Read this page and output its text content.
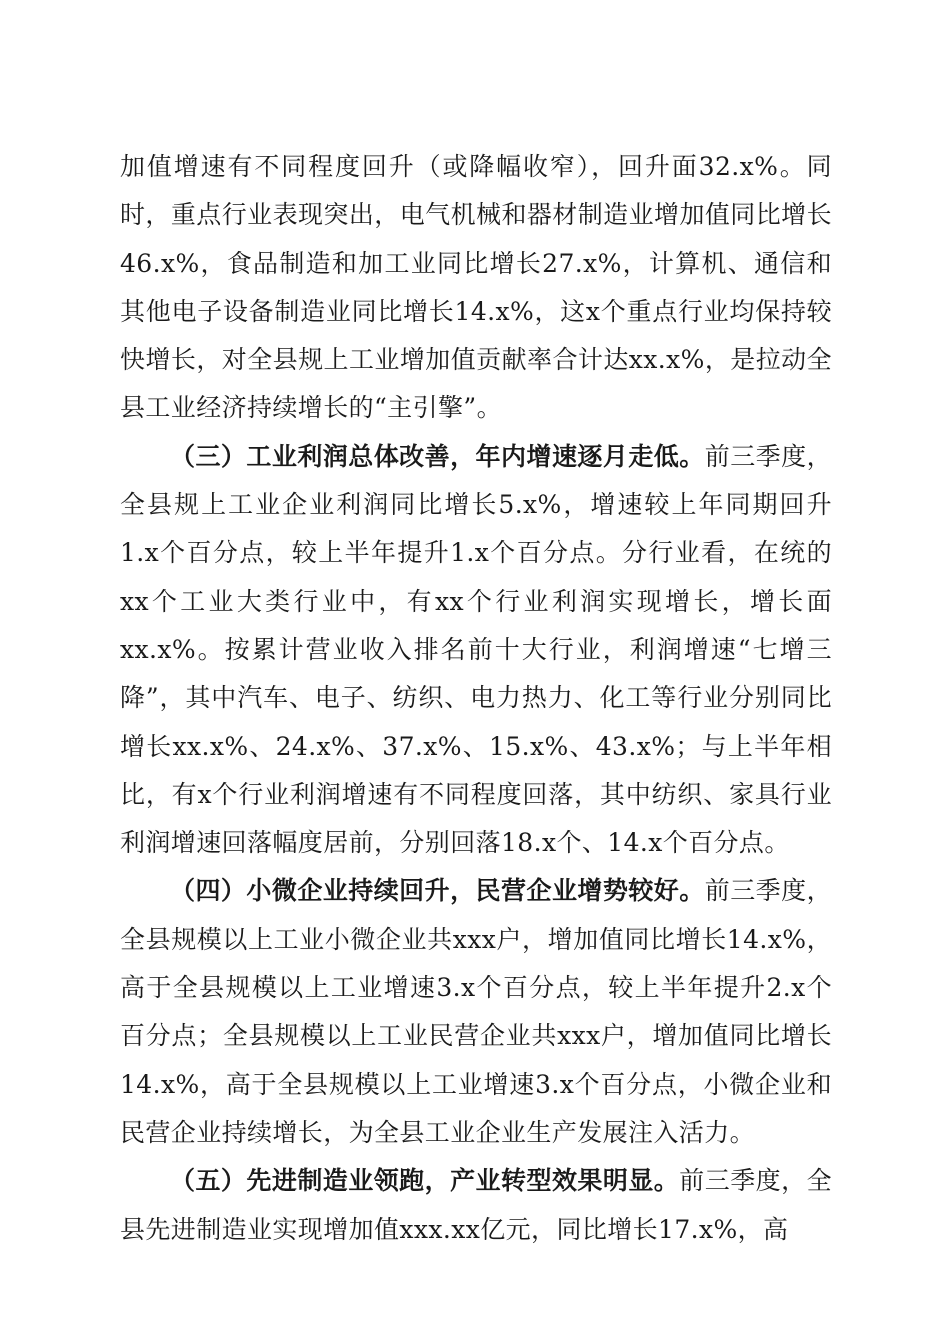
加值增速有不同程度回升（或降幅收窄），回升面32.x%。同时，重点行业表现突出，电气机械和器材制造业增加值同比增长46.x%，食品制造和加工业同比增长27.x%，计算机、通信和其他电子设备制造业同比增长14.x%，这x个重点行业均保持较快增长，对全县规上工业增加值贡献率合计达xx.x%，是拉动全县工业经济持续增长的“主引擎”。

（三）工业利润总体改善，年内增速逐月走低。前三季度，全县规上工业企业利润同比增长5.x%，增速较上年同期回升1.x个百分点，较上半年提升1.x个百分点。分行业看，在统的xx个工业大类行业中，有xx个行业利润实现增长，增长面xx.x%。按累计营业收入排名前十大行业，利润增速“七增三降”，其中汽车、电子、纺织、电力热力、化工等行业分别同比增长xx.x%、24.x%、37.x%、15.x%、43.x%；与上半年相比，有x个行业利润增速有不同程度回落，其中纺织、家具行业利润增速回落幅度居前，分别回落18.x个、14.x个百分点。

（四）小微企业持续回升，民营企业增势较好。前三季度，全县规模以上工业小微企业共xxx户，增加值同比增长14.x%，高于全县规模以上工业增速3.x个百分点，较上半年提升2.x个百分点；全县规模以上工业民营企业共xxx户，增加值同比增长14.x%，高于全县规模以上工业增速3.x个百分点，小微企业和民营企业持续增长，为全县工业企业生产发展注入活力。

（五）先进制造业领跑，产业转型效果明显。前三季度，全县先进制造业实现增加值xxx.xx亿元，同比增长17.x%，高
